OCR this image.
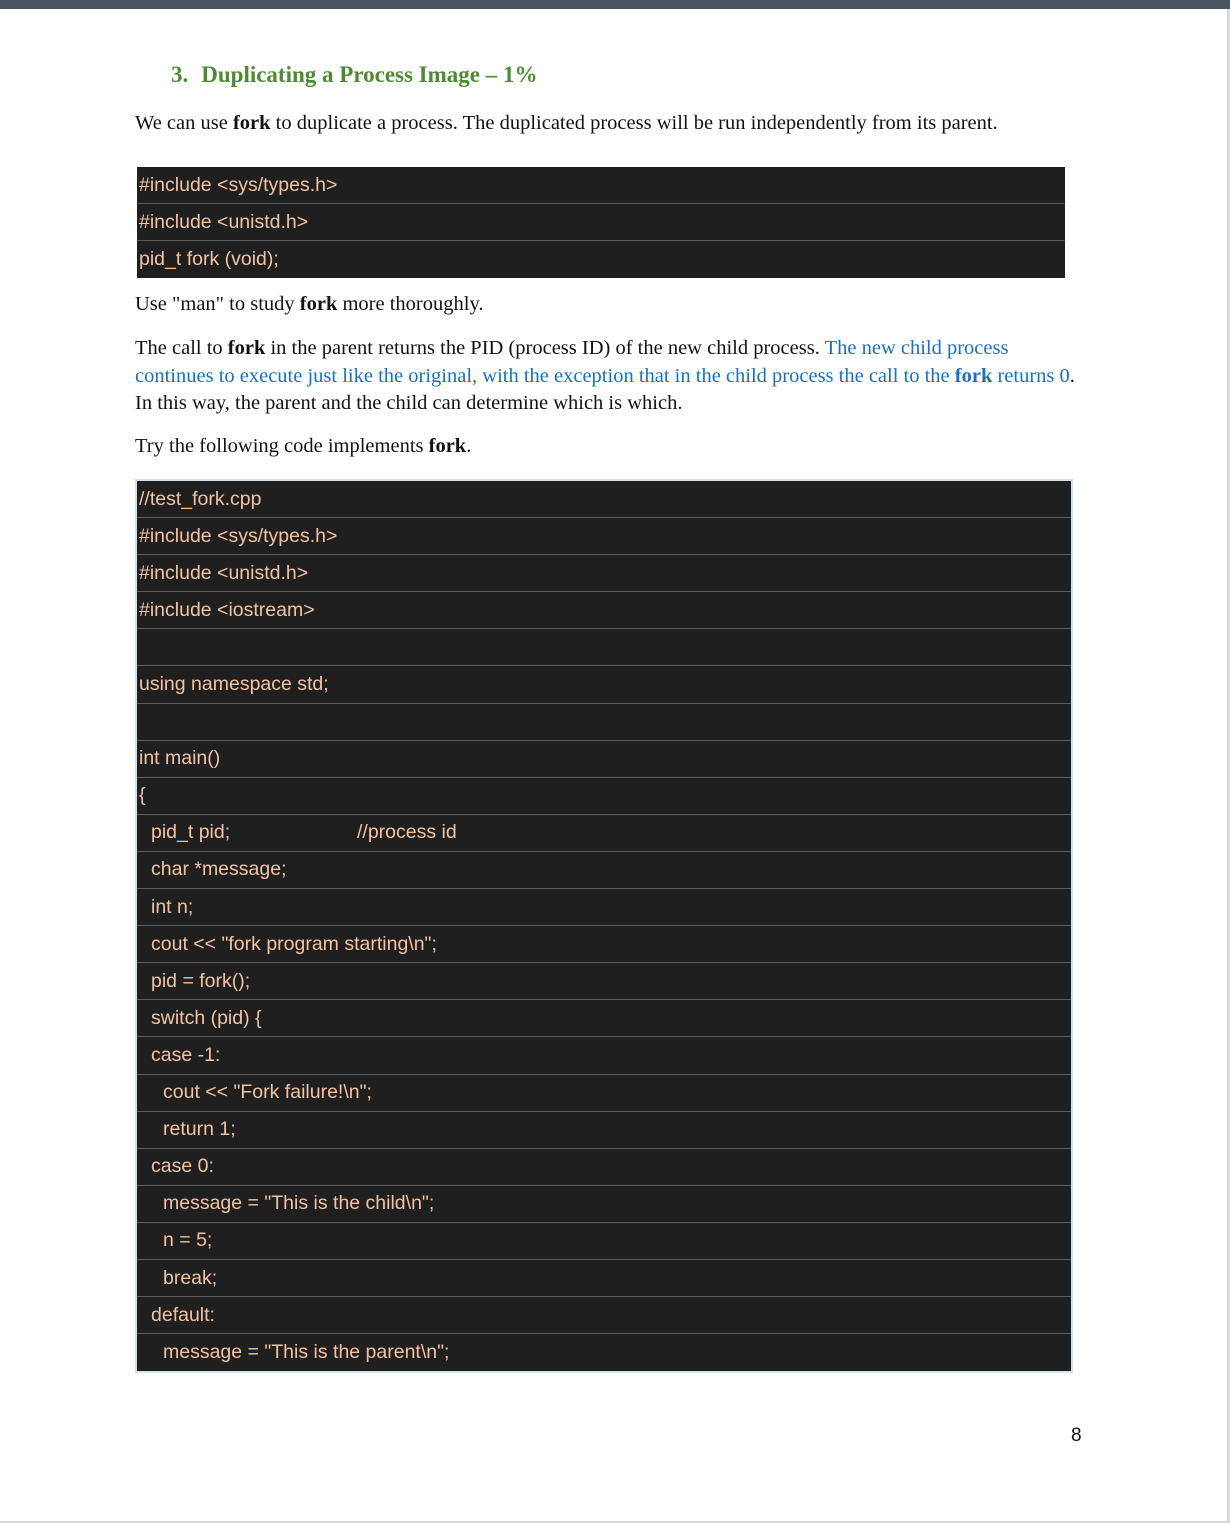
3. Duplicating a Process Image – 1%

We can use fork to duplicate a process. The duplicated process will be run independently from its parent.

#include <sys/types.h>
#include <unistd.h>
pid_t fork (void);

Use "man" to study fork more thoroughly.

The call to fork in the parent returns the PID (process ID) of the new child process. The new child process continues to execute just like the original, with the exception that in the child process the call to the fork returns 0. In this way, the parent and the child can determine which is which.

Try the following code implements fork.

//test_fork.cpp
#include <sys/types.h>
#include <unistd.h>
#include <iostream>
using namespace std;
int main()
{
pid_t pid;	//process id
char *message;
int n;
cout << "fork program starting\n";
pid = fork();
switch (pid) {
case -1:
cout << "Fork failure!\n";
return 1;
case 0:
message = "This is the child\n";
n = 5;
break;
default:
message = "This is the parent\n";
8
